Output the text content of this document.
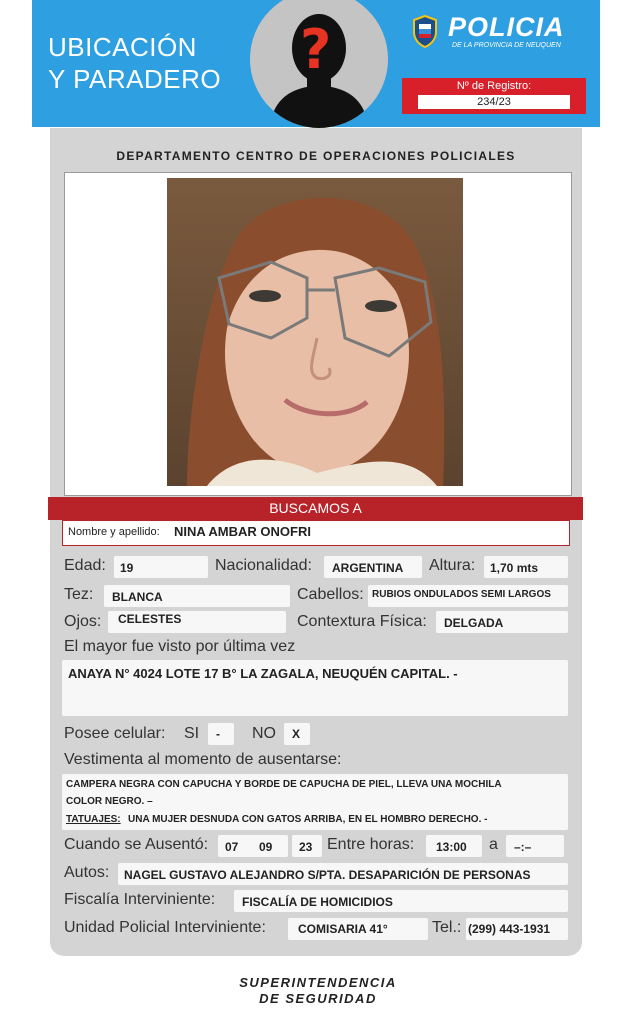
UBICACIÓN
Y PARADERO ?	POLICIA
DE LA PROVINCIA DE NEUQUEN
Nº de Registro:
234/23
DEPARTAMENTO CENTRO DE OPERACIONES POLICIALES
BUSCAMOS A
Nombre y apellido: NINA AMBAR ONOFRI
Edad: 19	Nacionalidad: ARGENTINA Altura: 1,70 mts
Tez: BLANCA	Cabellos: RUBIOS ONDULADOS SEMI LARGOS
Ojos: CELESTES	Contextura Física: DELGADA
El mayor fue visto por última vez
ANAYA N° 4024 LOTE 17 B° LA ZAGALA, NEUQUÉN CAPITAL. -
Posee celular: SI - NO X
Vestimenta al momento de ausentarse:
CAMPERA NEGRA CON CAPUCHA Y BORDE DE CAPUCHA DE PIEL, LLEVA UNA MOCHILA
COLOR NEGRO. –
TATUAJES: UNA MUJER DESNUDA CON GATOS ARRIBA, EN EL HOMBRO DERECHO. -
Cuando se Ausentó: 07 09 23 Entre horas: 13:00 a –:–
Autos: NAGEL GUSTAVO ALEJANDRO S/PTA. DESAPARICIÓN DE PERSONAS
Fiscalía Interviniente: FISCALÍA DE HOMICIDIOS
Unidad Policial Interviniente:	COMISARIA 41°	Tel.: (299) 443-1931
SUPERINTENDENCIA
DE SEGURIDAD
